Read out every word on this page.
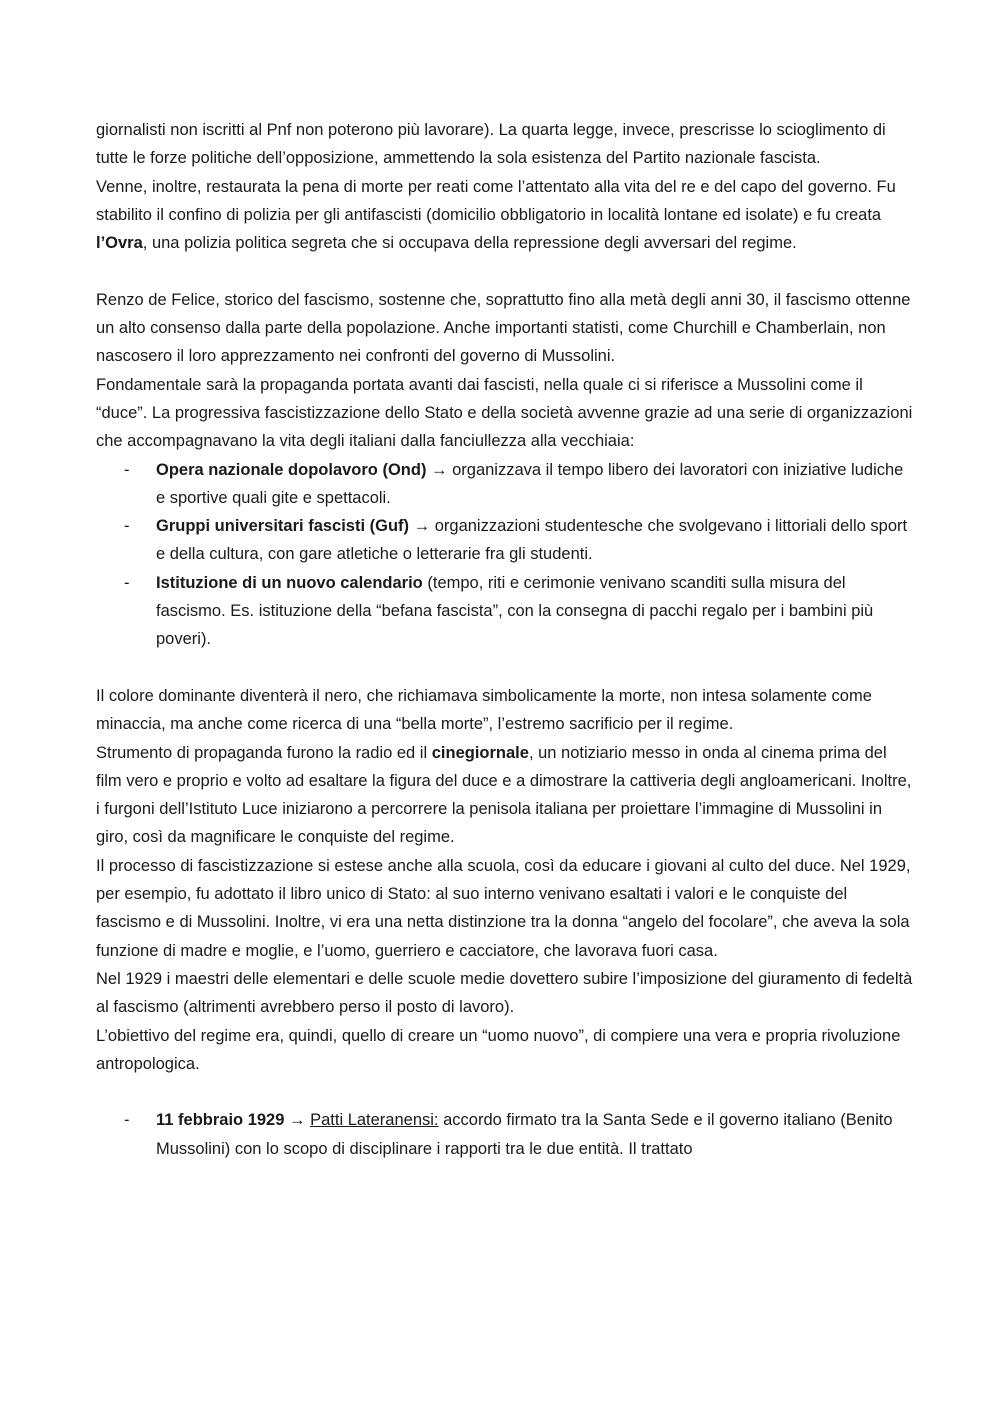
giornalisti non iscritti al Pnf non poterono più lavorare). La quarta legge, invece, prescrisse lo scioglimento di tutte le forze politiche dell’opposizione, ammettendo la sola esistenza del Partito nazionale fascista.

Venne, inoltre, restaurata la pena di morte per reati come l’attentato alla vita del re e del capo del governo. Fu stabilito il confino di polizia per gli antifascisti (domicilio obbligatorio in località lontane ed isolate) e fu creata l’Ovra, una polizia politica segreta che si occupava della repressione degli avversari del regime.

Renzo de Felice, storico del fascismo, sostenne che, soprattutto fino alla metà degli anni 30, il fascismo ottenne un alto consenso dalla parte della popolazione. Anche importanti statisti, come Churchill e Chamberlain, non nascosero il loro apprezzamento nei confronti del governo di Mussolini.

Fondamentale sarà la propaganda portata avanti dai fascisti, nella quale ci si riferisce a Mussolini come il “duce”. La progressiva fascistizzazione dello Stato e della società avvenne grazie ad una serie di organizzazioni che accompagnavano la vita degli italiani dalla fanciullezza alla vecchiaia:

- Opera nazionale dopolavoro (Ond) → organizzava il tempo libero dei lavoratori con iniziative ludiche e sportive quali gite e spettacoli.
- Gruppi universitari fascisti (Guf) → organizzazioni studentesche che svolgevano i littoriali dello sport e della cultura, con gare atletiche o letterarie fra gli studenti.
- Istituzione di un nuovo calendario (tempo, riti e cerimonie venivano scanditi sulla misura del fascismo. Es. istituzione della “befana fascista”, con la consegna di pacchi regalo per i bambini più poveri).

Il colore dominante diventerà il nero, che richiamava simbolicamente la morte, non intesa solamente come minaccia, ma anche come ricerca di una “bella morte”, l’estremo sacrificio per il regime.

Strumento di propaganda furono la radio ed il cinegiornale, un notiziario messo in onda al cinema prima del film vero e proprio e volto ad esaltare la figura del duce e a dimostrare la cattiveria degli angloamericani. Inoltre, i furgoni dell’Istituto Luce iniziarono a percorrere la penisola italiana per proiettare l’immagine di Mussolini in giro, così da magnificare le conquiste del regime.

Il processo di fascistizzazione si estese anche alla scuola, così da educare i giovani al culto del duce. Nel 1929, per esempio, fu adottato il libro unico di Stato: al suo interno venivano esaltati i valori e le conquiste del fascismo e di Mussolini. Inoltre, vi era una netta distinzione tra la donna “angelo del focolare”, che aveva la sola funzione di madre e moglie, e l’uomo, guerriero e cacciatore, che lavorava fuori casa.

Nel 1929 i maestri delle elementari e delle scuole medie dovettero subire l’imposizione del giuramento di fedeltà al fascismo (altrimenti avrebbero perso il posto di lavoro).

L’obiettivo del regime era, quindi, quello di creare un “uomo nuovo”, di compiere una vera e propria rivoluzione antropologica.

- 11 febbraio 1929 → Patti Lateranensi: accordo firmato tra la Santa Sede e il governo italiano (Benito Mussolini) con lo scopo di disciplinare i rapporti tra le due entità. Il trattato
